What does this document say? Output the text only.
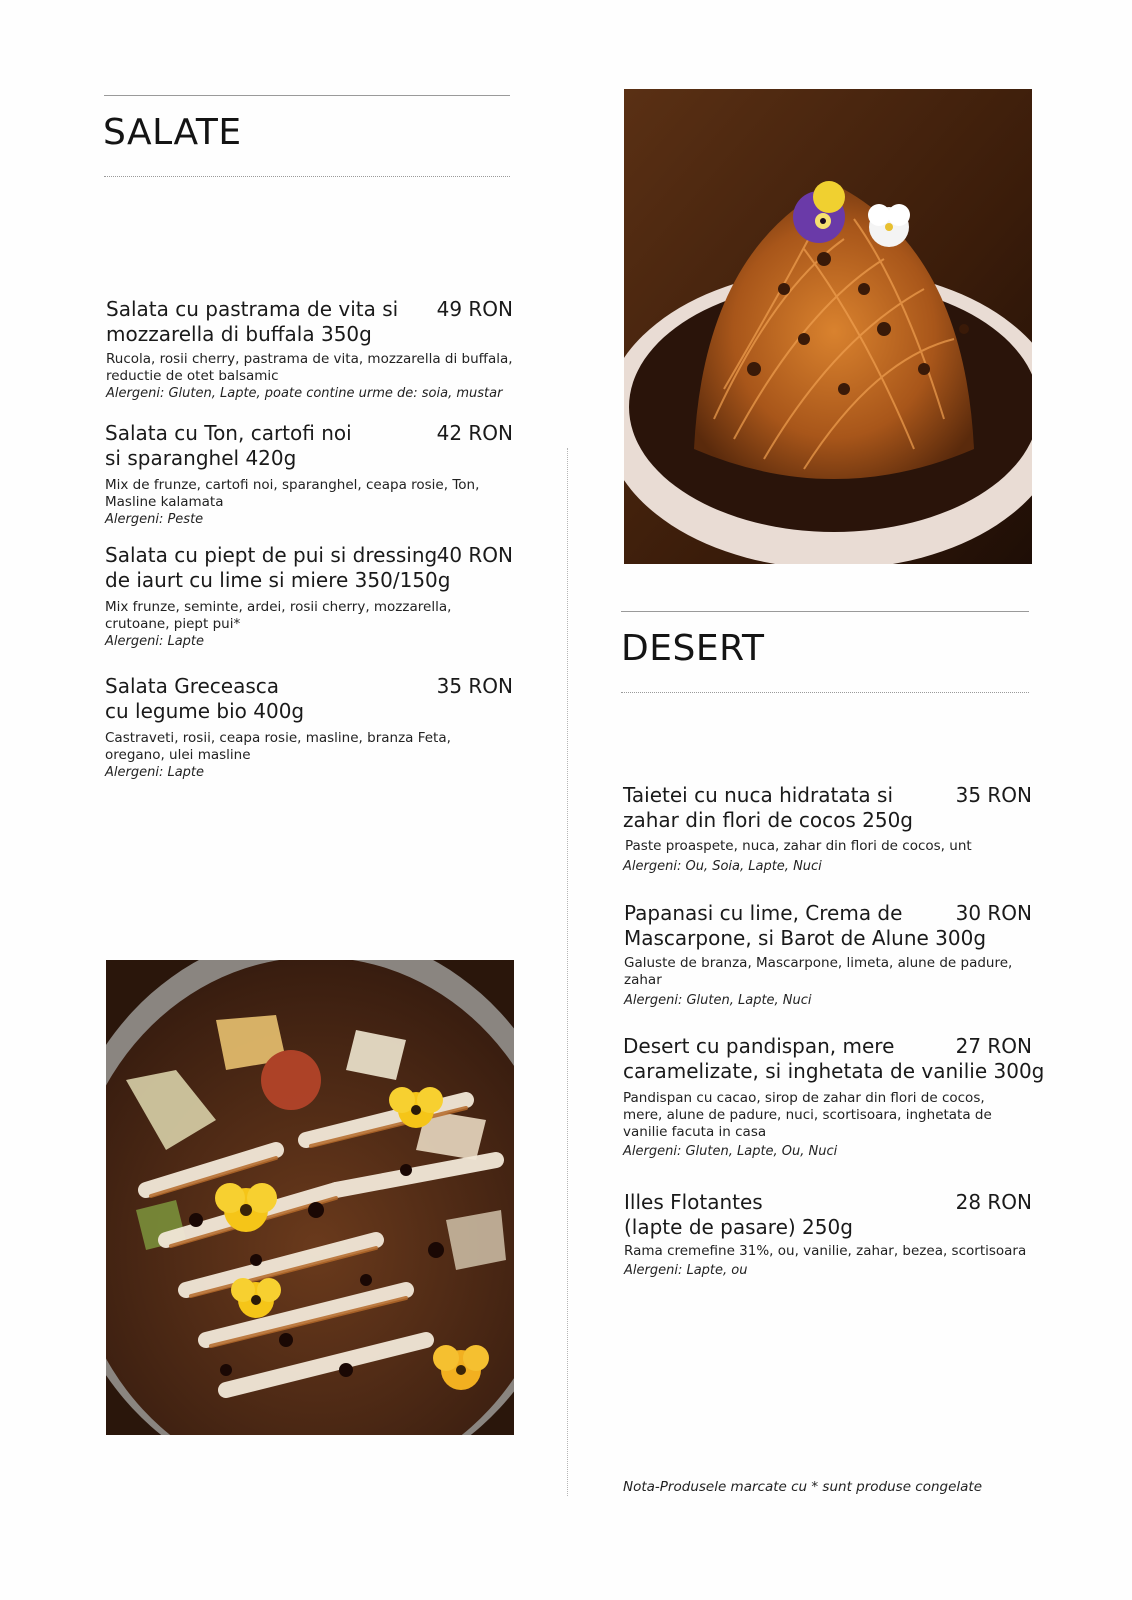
SALATE
Salata cu pastrama de vita si
mozzarella di buffala 350g
49 RON
Rucola, rosii cherry, pastrama de vita, mozzarella di buffala, reductie de otet balsamic
Alergeni: Gluten, Lapte, poate contine urme de: soia, mustar
Salata cu Ton, cartofi noi
si sparanghel 420g
42 RON
Mix de frunze, cartofi noi, sparanghel, ceapa rosie, Ton, Masline kalamata
Alergeni: Peste
Salata cu piept de pui si dressing
de iaurt cu lime si miere 350/150g
40 RON
Mix frunze, seminte, ardei, rosii cherry, mozzarella, crutoane, piept pui*
Alergeni: Lapte
Salata Greceasca
cu legume bio 400g
35 RON
Castraveti, rosii, ceapa rosie, masline, branza Feta, oregano, ulei masline
Alergeni: Lapte
DESERT
Taietei cu nuca hidratata si
zahar din flori de cocos 250g
35 RON
Paste proaspete, nuca, zahar din flori de cocos, unt
Alergeni: Ou, Soia, Lapte, Nuci
Papanasi cu lime, Crema de
Mascarpone, si Barot de Alune 300g
30 RON
Galuste de branza, Mascarpone, limeta, alune de padure, zahar
Alergeni: Gluten, Lapte, Nuci
Desert cu pandispan, mere
caramelizate, si inghetata de vanilie 300g
27 RON
Pandispan cu cacao, sirop de zahar din flori de cocos, mere, alune de padure, nuci, scortisoara, inghetata de vanilie facuta in casa
Alergeni: Gluten, Lapte, Ou, Nuci
Illes Flotantes
(lapte de pasare) 250g
28 RON
Rama cremefine 31%, ou, vanilie, zahar, bezea, scortisoara
Alergeni: Lapte, ou
Nota-Produsele marcate cu * sunt produse congelate
